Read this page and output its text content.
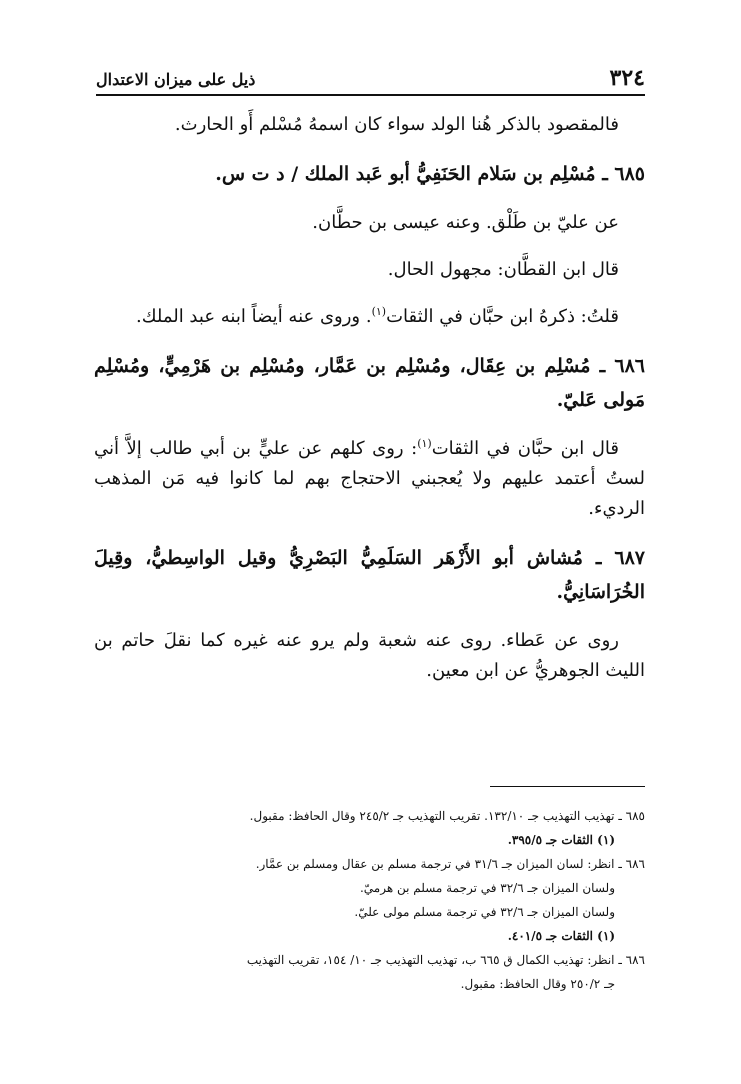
٣٢٤
ذيل على ميزان الاعتدال

فالمقصود بالذكر هُنا الولد سواء كان اسمهُ مُسْلم أَو الحارث.

٦٨٥ ـ مُسْلِم بن سَلام الحَنَفِيُّ أبو عَبد الملك / د ت س.

عن عليّ بن طَلْق. وعنه عيسى بن حطَّان.

قال ابن القطَّان: مجهول الحال.

قلتُ: ذكرهُ ابن حبَّان في الثقات$^{(١)}$. وروى عنه أيضاً ابنه عبد الملك.

٦٨٦ ـ مُسْلِم بن عِقَال، ومُسْلِم بن عَمَّار، ومُسْلِم بن هَرْمِيٍّ، ومُسْلِم مَولى عَليّ.

قال ابن حبَّان في الثقات$^{(١)}$: روى كلهم عن عليٍّ بن أبي طالب إلاَّ أني لستُ أعتمد عليهم ولا يُعجبني الاحتجاج بهم لما كانوا فيه مَن المذهب الرديء.

٦٨٧ ـ مُشاش أبو الأَزْهَر السَلَمِيُّ البَصْرِيُّ وقيل الواسِطيُّ، وقِيلَ الخُرَاسَانِيُّ.

روى عن عَطاء. روى عنه شعبة ولم يرو عنه غيره كما نقلَ حاتم بن الليث الجوهريُّ عن ابن معين.

٦٨٥ ـ تهذيب التهذيب جـ ١٣٢/١٠. تقريب التهذيب جـ ٢٤٥/٢ وقال الحافظ: مقبول.
(١) الثقات جـ ٣٩٥/٥.
٦٨٦ ـ انظر: لسان الميزان جـ ٣١/٦ في ترجمة مسلم بن عقال ومسلم بن عمَّار.
ولسان الميزان جـ ٣٢/٦ في ترجمة مسلم بن هرميّ.
ولسان الميزان جـ ٣٢/٦ في ترجمة مسلم مولى عليّ.
(١) الثقات جـ ٤٠١/٥.
٦٨٦ ـ انظر: تهذيب الكمال ق ٦٦٥ ب، تهذيب التهذيب جـ ١٠/ ١٥٤، تقريب التهذيب
جـ ٢٥٠/٢ وقال الحافظ: مقبول.
